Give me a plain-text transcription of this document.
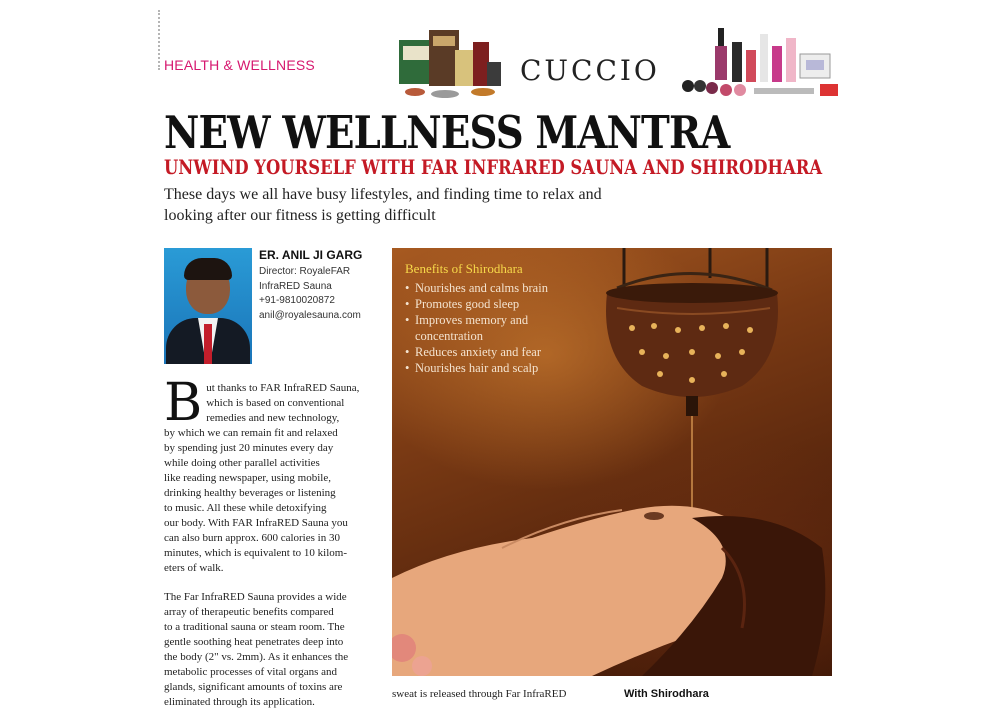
HEALTH & WELLNESS	CUCCIO
NEW WELLNESS MANTRA
UNWIND YOURSELF WITH FAR INFRARED SAUNA AND SHIRODHARA
These days we all have busy lifestyles, and finding time to relax and
looking after our fitness is getting difficult
ER. ANIL JI GARG
Director: RoyaleFAR
InfraRED Sauna
+91-9810020872
anil@royalesauna.com

B ut thanks to FAR InfraRED Sauna,
which is based on conventional
remedies and new technology,
by which we can remain fit and relaxed
by spending just 20 minutes every day
while doing other parallel activities
like reading newspaper, using mobile,
drinking healthy beverages or listening
to music. All these while detoxifying
our body. With FAR InfraRED Sauna you
can also burn approx. 600 calories in 30
minutes, which is equivalent to 10 kilom-
eters of walk.

The Far InfraRED Sauna provides a wide
array of therapeutic benefits compared
to a traditional sauna or steam room. The
gentle soothing heat penetrates deep into
the body (2" vs. 2mm). As it enhances the
metabolic processes of vital organs and
glands, significant amounts of toxins are
eliminated through its application.

Benefits of Shirodhara
• Nourishes and calms brain
• Promotes good sleep
• Improves memory and
concentration
• Reduces anxiety and fear
• Nourishes hair and scalp
sweat is released through Far InfraRED	With Shirodhara
